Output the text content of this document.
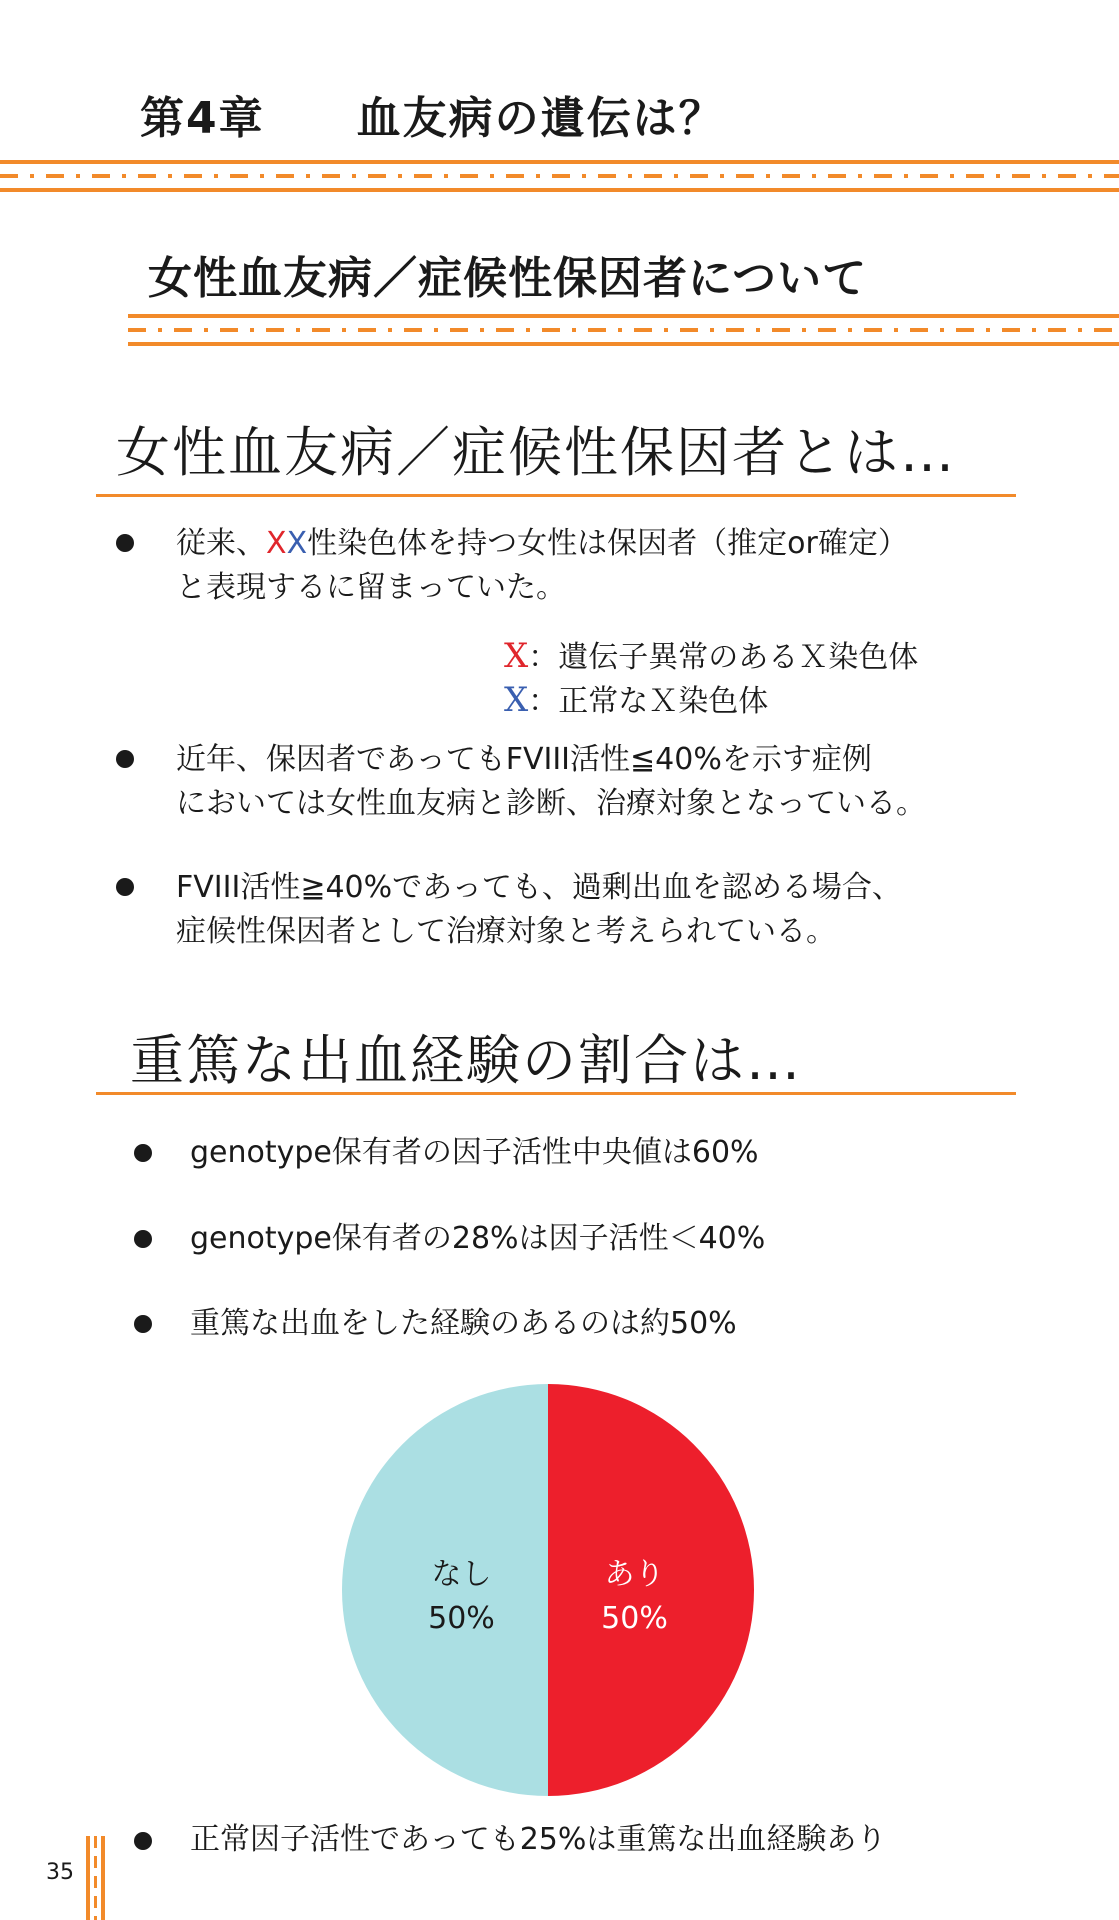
第4章　　血友病の遺伝は？
女性血友病／症候性保因者について
女性血友病／症候性保因者とは…
従来、XX性染色体を持つ女性は保因者（推定or確定）
と表現するに留まっていた。
X：遺伝子異常のあるＸ染色体
X：正常なＸ染色体
近年、保因者であってもFVIII活性≦40%を示す症例
においては女性血友病と診断、治療対象となっている。
FVIII活性≧40%であっても、過剰出血を認める場合、
症候性保因者として治療対象と考えられている。
重篤な出血経験の割合は…
genotype保有者の因子活性中央値は60%
genotype保有者の28%は因子活性＜40%
重篤な出血をした経験のあるのは約50%
あり
50%
なし
50%
正常因子活性であっても25%は重篤な出血経験あり
35
